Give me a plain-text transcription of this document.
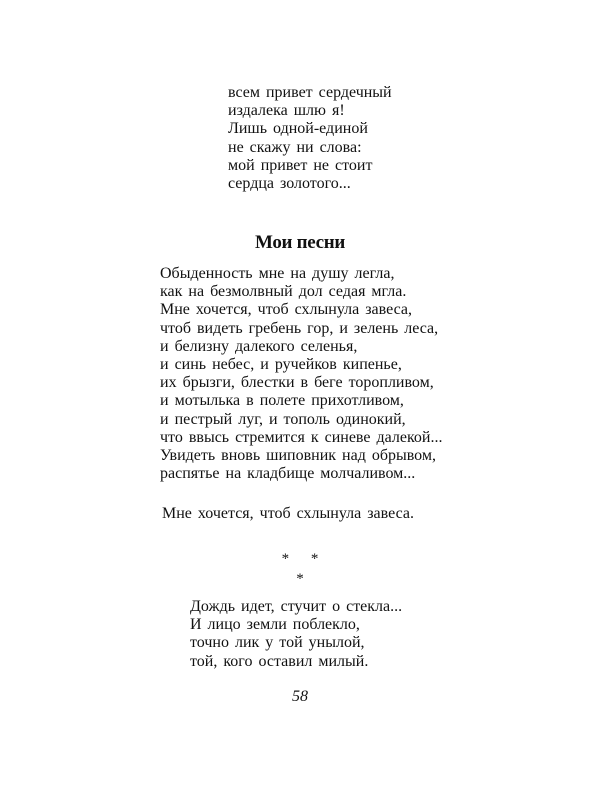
всем привет сердечный
издалека шлю я!
Лишь одной-единой
не скажу ни слова:
мой привет не стоит
сердца золотого...
Мои песни
Обыденность мне на душу легла,
как на безмолвный дол седая мгла.
Мне хочется, чтоб схлынула завеса,
чтоб видеть гребень гор, и зелень леса,
и белизну далекого селенья,
и синь небес, и ручейков кипенье,
их брызги, блестки в беге торопливом,
и мотылька в полете прихотливом,
и пестрый луг, и тополь одинокий,
что ввысь стремится к синеве далекой...
Увидеть вновь шиповник над обрывом,
распятье на кладбище молчаливом...
Мне хочется, чтоб схлынула завеса.
* *
*
Дождь идет, стучит о стекла...
И лицо земли поблекло,
точно лик у той унылой,
той, кого оставил милый.
58
